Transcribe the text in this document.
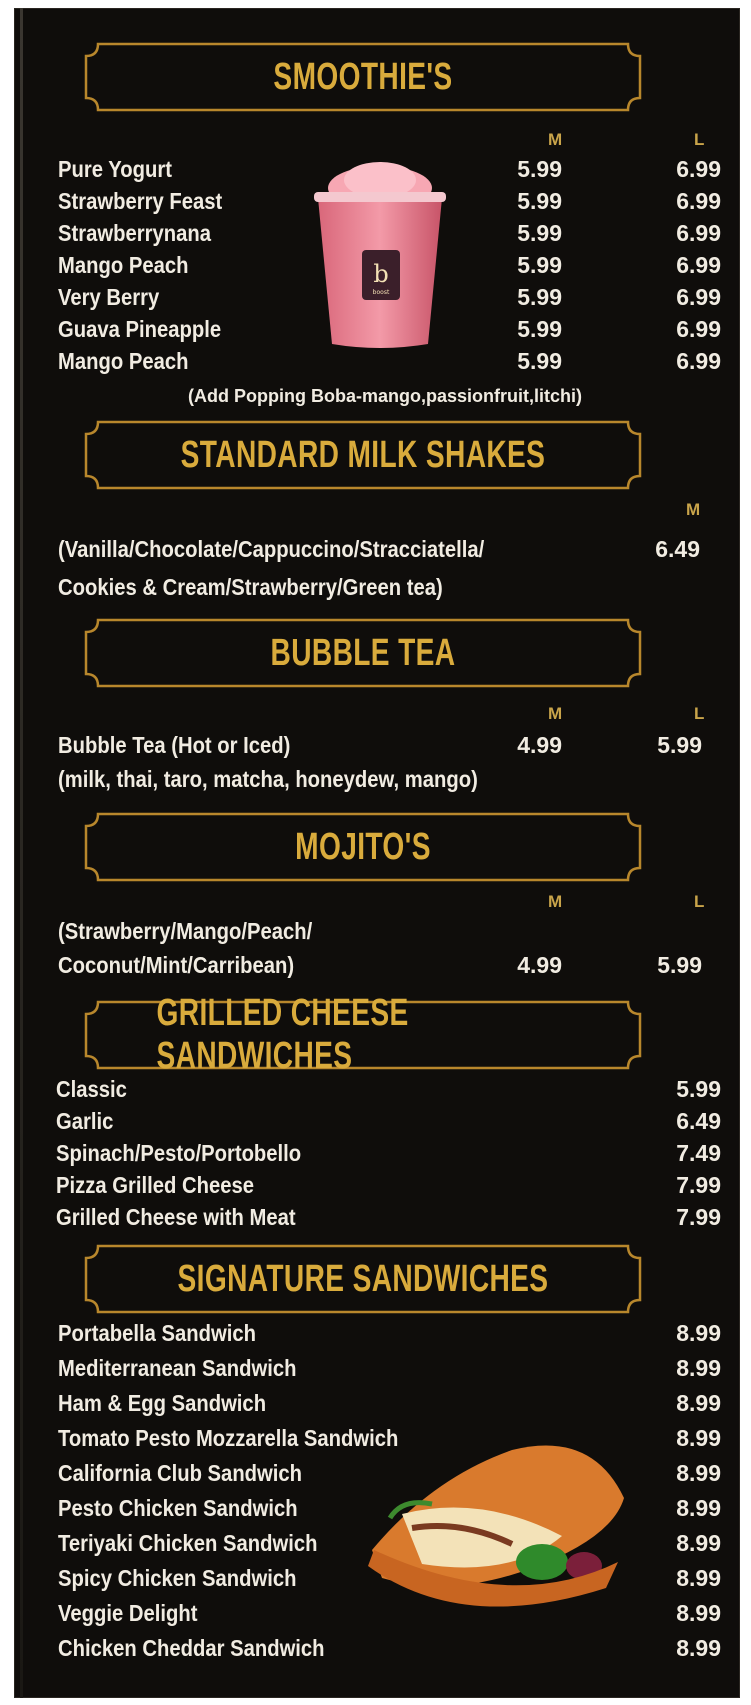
SMOOTHIE'S
M	L
b
boost
(Add Popping Boba-mango,passionfruit,litchi)
STANDARD MILK SHAKES
M
(Vanilla/Chocolate/Cappuccino/Stracciatella/	6.49
Cookies & Cream/Strawberry/Green tea)
BUBBLE TEA
M	L
Bubble Tea (Hot or Iced)	4.99	5.99
(milk, thai, taro, matcha, honeydew, mango)
MOJITO'S
M	L
(Strawberry/Mango/Peach/
Coconut/Mint/Carribean)	4.99	5.99
GRILLED CHEESE SANDWICHES
SIGNATURE SANDWICHES
Pure Yogurt	5.99	6.99
Strawberry Feast	5.99	6.99
Strawberrynana	5.99	6.99
Mango Peach	5.99	6.99
Very Berry	5.99	6.99
Guava Pineapple	5.99	6.99
Mango Peach	5.99	6.99
Classic	5.99
Garlic	6.49
Spinach/Pesto/Portobello	7.49
Pizza Grilled Cheese	7.99
Grilled Cheese with Meat	7.99
Portabella Sandwich	8.99
Mediterranean Sandwich	8.99
Ham & Egg Sandwich	8.99
Tomato Pesto Mozzarella Sandwich	8.99
California Club Sandwich	8.99
Pesto Chicken Sandwich	8.99
Teriyaki Chicken Sandwich	8.99
Spicy Chicken Sandwich	8.99
Veggie Delight	8.99
Chicken Cheddar Sandwich	8.99
